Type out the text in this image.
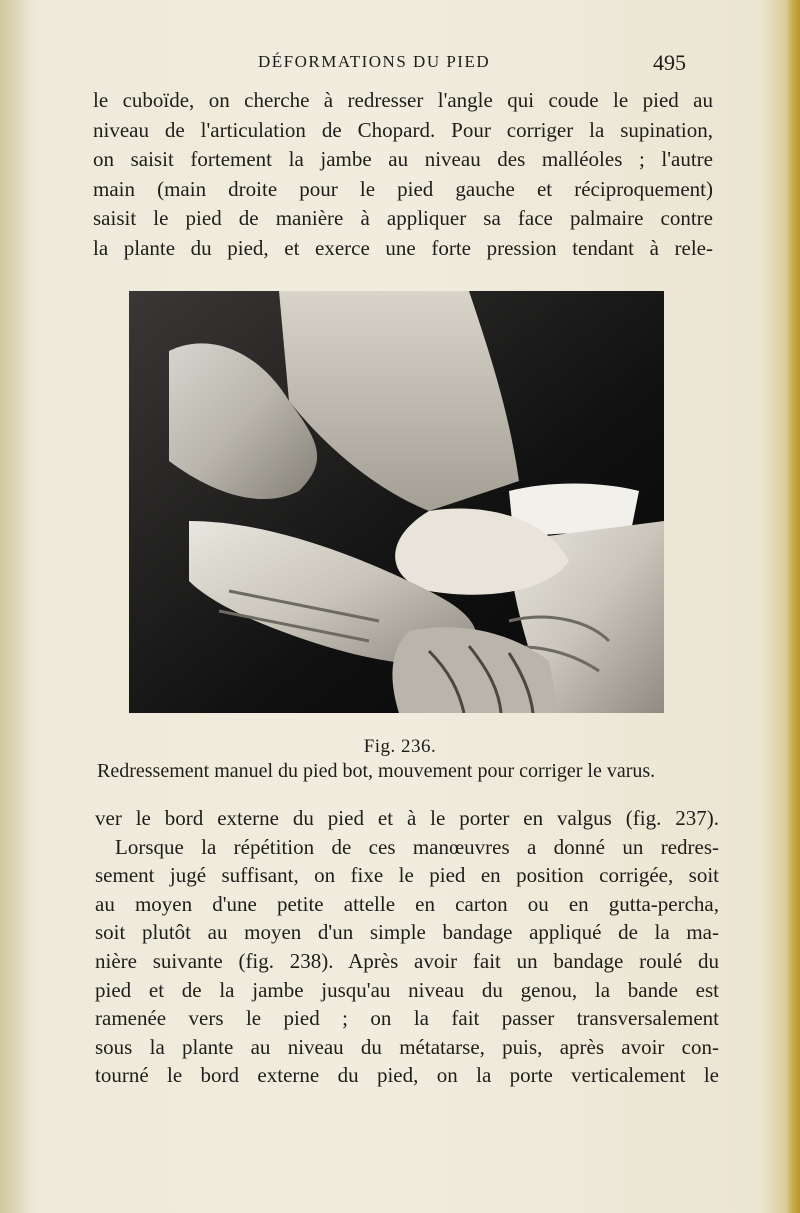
DÉFORMATIONS DU PIED	495
le cuboïde, on cherche à redresser l'angle qui coude le pied au
niveau de l'articulation de Chopard. Pour corriger la supination,
on saisit fortement la jambe au niveau des malléoles ; l'autre
main (main droite pour le pied gauche et réciproquement)
saisit le pied de manière à appliquer sa face palmaire contre
la plante du pied, et exerce une forte pression tendant à rele-
Fig. 236.
Redressement manuel du pied bot, mouvement pour corriger le varus.
ver le bord externe du pied et à le porter en valgus (fig. 237).
Lorsque la répétition de ces manœuvres a donné un redres-
sement jugé suffisant, on fixe le pied en position corrigée, soit
au moyen d'une petite attelle en carton ou en gutta-percha,
soit plutôt au moyen d'un simple bandage appliqué de la ma-
nière suivante (fig. 238). Après avoir fait un bandage roulé du
pied et de la jambe jusqu'au niveau du genou, la bande est
ramenée vers le pied ; on la fait passer transversalement
sous la plante au niveau du métatarse, puis, après avoir con-
tourné le bord externe du pied, on la porte verticalement le
